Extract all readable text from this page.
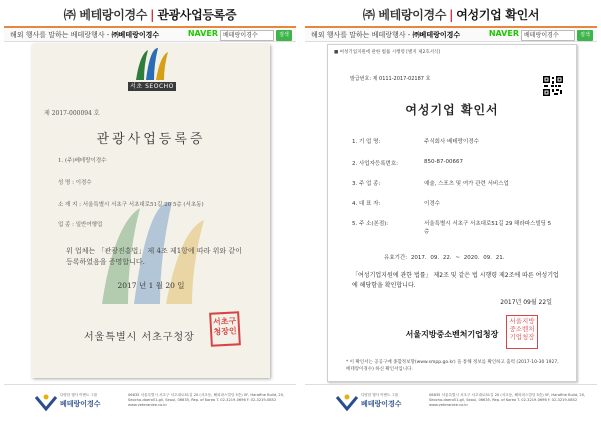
㈜ 베테랑이경수 | 관광사업등록증
해외 행사를 말하는 베테랑행사 - ㈜베테랑이경수	NAVER 베테랑이경수	검색
서초 SEOCHO
제 2017-000094 호
관광사업등록증
1. (주)베테랑이경수
성 명 : 이경수
소 재 지 : 서울특별시 서초구 서초대로51길 20 5층 (서초동)
업 종 : 일반여행업
위 업체는 「관광진흥법」 제 4조 제1항에 따라 위와 같이 등록하였음을 증명합니다.
2017 년 1 월 20 일
서울특별시 서초구청장
서초구청장인
다양한 행사 이벤트 그룹
베테랑이경수
06635 서울특별시 서초구 서초대로51길 20 (서초동, 해외파스빌딩 5층) 5F, Haraffne Build, 20, Seocho-daero51-gil, Seoul, 06635, Rep. of Korea T. 02-3219-0696 F. 02-3219-0852 www.veteranlee.co.kr
㈜ 베테랑이경수 | 여성기업 확인서
해외 행사를 말하는 베테랑행사 - ㈜베테랑이경수	NAVER 베테랑이경수	검색
■ 여성기업지원에 관한 법률 시행령 [별지 제2호서식]
발급번호: 제 0111-2017-02187 호
여성기업 확인서
1. 기 업 명:	주식회사 베테랑이경수
2. 사업자등록번호:	850-87-00667
3. 주 업 종:	예술, 스포츠 및 여가 관련 서비스업
4. 대 표 자:	이경수
5. 주 소(본점):	서울특별시 서초구 서초대로51길 29 해라파스빌딩 5층
유효기간: 2017. 09. 22. ~ 2020. 09. 21.
「여성기업지원에 관한 법률」 제2조 및 같은 법 시행령 제2조에 따른 여성기업에 해당함을 확인합니다.
2017년 09월 22일
서울지방중소벤처기업청장
서울지방중소벤처기업청장
* 이 확인서는 공공구매 종합정보망(www.smpp.go.kr) 을 통해 정보를 확인하고 출력 (2017-10-30 1927, 베테랑이경수) 하신 확인서입니다.
다양한 행사 이벤트 그룹
베테랑이경수
06635 서울특별시 서초구 서초대로51길 20 (서초동, 해외파스빌딩 5층) 5F, Haraffne Build, 20, Seocho-daero51-gil, Seoul, 06635, Rep. of Korea T. 02-3219-0696 F. 02-3219-0852 www.veteranlee.co.kr
